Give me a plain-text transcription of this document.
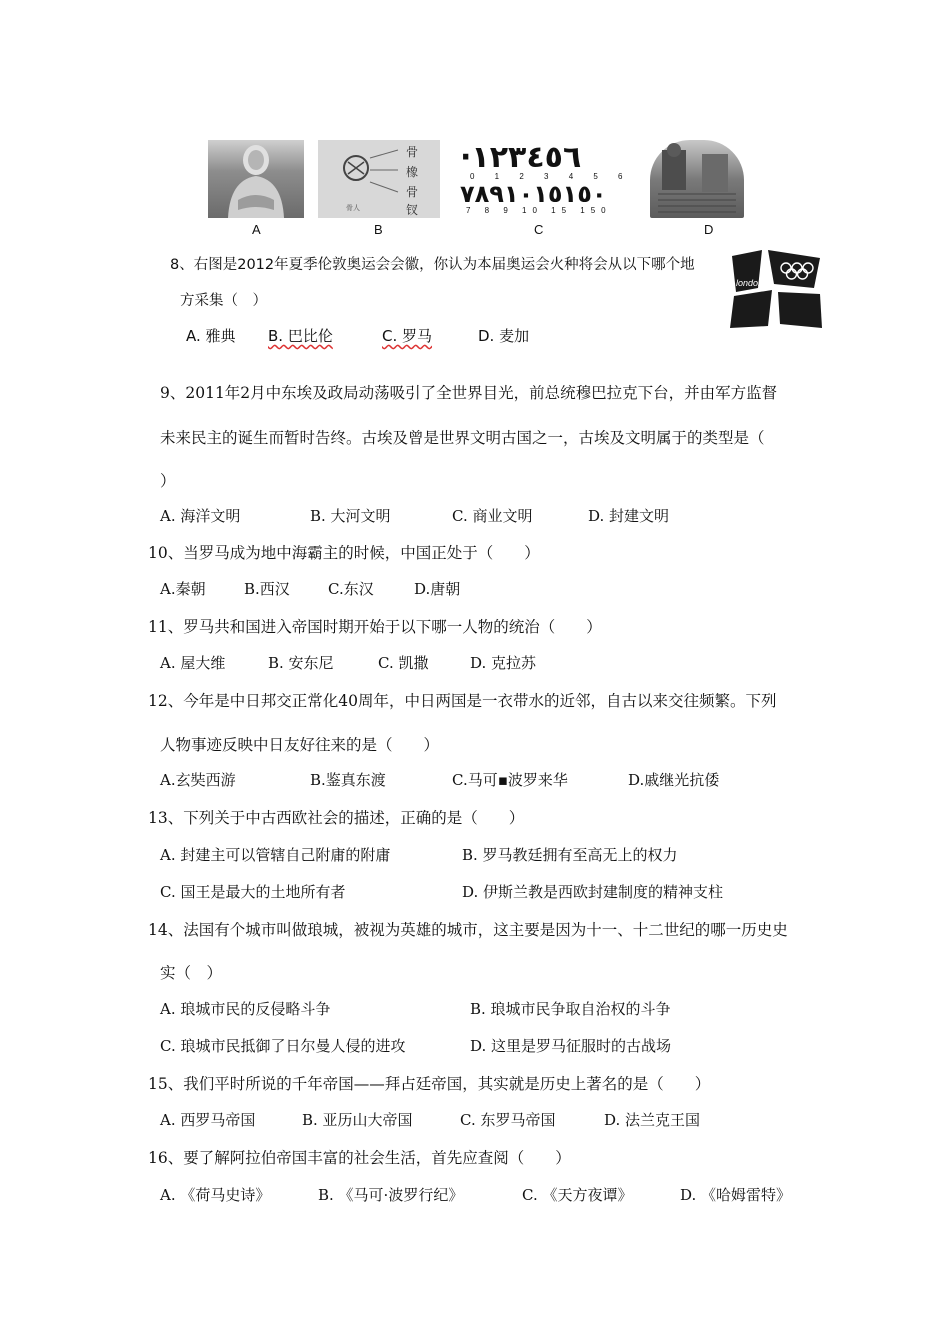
A
骨
橡
骨
钗
骨人
B
·١٢٣٤٥٦
0 1 2 3 4 5 6
٧٨٩١٠١٥١٥٠
7 8 9 10 15 150
C	D
8、右图是2012年夏季伦敦奥运会会徽，你认为本届奥运会火种将会从以下哪个地
方采集（　）
A. 雅典 B. 巴比伦	C. 罗马	D. 麦加
london
9、2011年2月中东埃及政局动荡吸引了全世界目光，前总统穆巴拉克下台，并由军方监督
未来民主的诞生而暂时告终。古埃及曾是世界文明古国之一，古埃及文明属于的类型是（
）
A. 海洋文明	B. 大河文明	C. 商业文明	D. 封建文明
10、当罗马成为地中海霸主的时候，中国正处于（　　）
A.秦朝	B.西汉	C.东汉	D.唐朝
11、罗马共和国进入帝国时期开始于以下哪一人物的统治（　　）
A. 屋大维	B. 安东尼	C. 凯撒	D. 克拉苏
12、今年是中日邦交正常化40周年，中日两国是一衣带水的近邻，自古以来交往频繁。下列
人物事迹反映中日友好往来的是（　　）
A.玄奘西游	B.鉴真东渡	C.马可▪波罗来华	D.戚继光抗倭
13、下列关于中古西欧社会的描述，正确的是（　　）
A. 封建主可以管辖自己附庸的附庸	B. 罗马教廷拥有至高无上的权力
C. 国王是最大的土地所有者	D. 伊斯兰教是西欧封建制度的精神支柱
14、法国有个城市叫做琅城，被视为英雄的城市，这主要是因为十一、十二世纪的哪一历史史
实（　）
A. 琅城市民的反侵略斗争	B. 琅城市民争取自治权的斗争
C. 琅城市民抵御了日尔曼人侵的进攻	D. 这里是罗马征服时的古战场
15、我们平时所说的千年帝国——拜占廷帝国，其实就是历史上著名的是（　　）
A. 西罗马帝国	B. 亚历山大帝国	C. 东罗马帝国	D. 法兰克王国
16、要了解阿拉伯帝国丰富的社会生活，首先应查阅（　　）
A. 《荷马史诗》	B. 《马可·波罗行纪》	C. 《天方夜谭》	D. 《哈姆雷特》
